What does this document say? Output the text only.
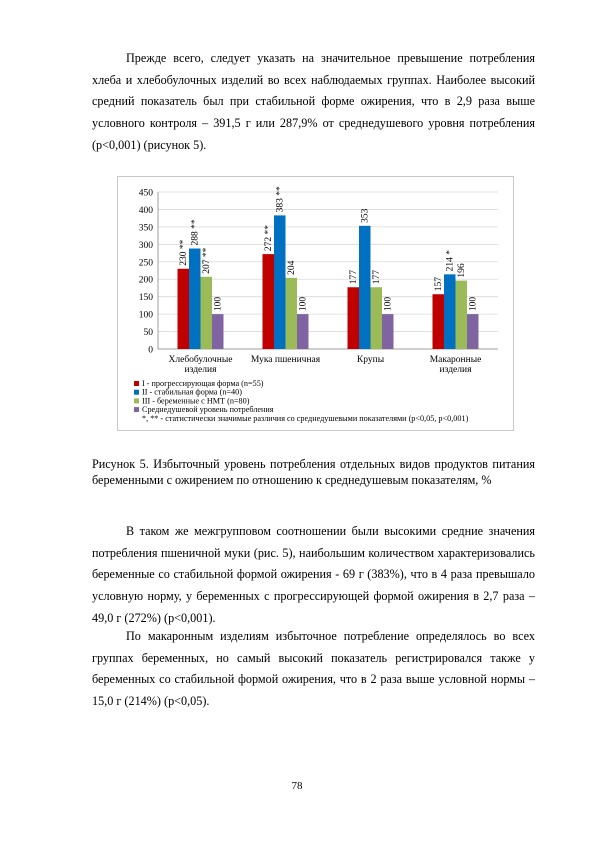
Прежде всего, следует указать на значительное превышение потребления хлеба и хлебобулочных изделий во всех наблюдаемых группах. Наиболее высокий средний показатель был при стабильной форме ожирения, что в 2,9 раза выше условного контроля – 391,5 г или 287,9% от среднедушевого уровня потребления (р<0,001) (рисунок 5).

0
50
100
150
200
250
300
350
400
450
230 **
272 **
177	157
288 **
383 **
353
214 *
207 **	204
177	196
100	100	100	100
Хлебобулочные
изделия
Мука пшеничная	Крупы	Макаронные
изделия
I - прогрессирующая форма (n=55)
II - стабильная форма (n=40)
III - беременные с НМТ (n=80)
Среднедушевой уровень потребления
*, ** - статистически значимые различия со среднедушевыми показателями (р<0,05, р<0,001)

Рисунок 5. Избыточный уровень потребления отдельных видов продуктов питания беременными с ожирением по отношению к среднедушевым показателям, %

В таком же межгрупповом соотношении были высокими средние значения потребления пшеничной муки (рис. 5), наибольшим количеством характеризовались беременные со стабильной формой ожирения - 69 г (383%), что в 4 раза превышало условную норму, у беременных с прогрессирующей формой ожирения в 2,7 раза – 49,0 г (272%) (р<0,001).

По макаронным изделиям избыточное потребление определялось во всех группах беременных, но самый высокий показатель регистрировался также у беременных со стабильной формой ожирения, что в 2 раза выше условной нормы – 15,0 г (214%) (р<0,05).

78
